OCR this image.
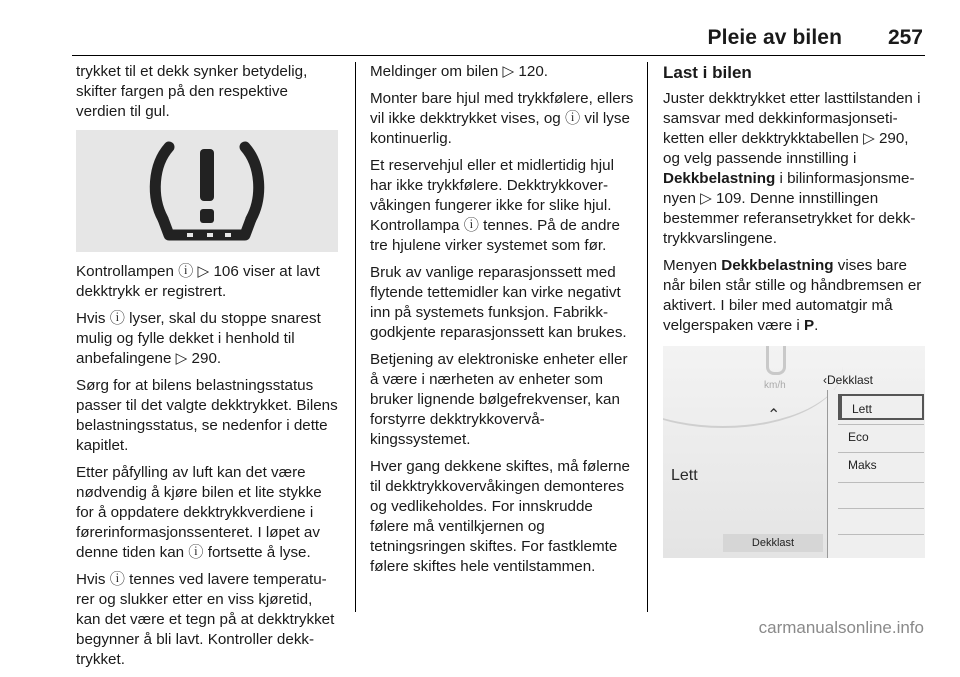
Pleie av bilen 257

trykket til et dekk synker betydelig, skifter fargen på den respektive verdien til gul.

Kontrollampen ⓘ ▷ 106 viser at lavt dekktrykk er registrert.

Hvis ⓘ lyser, skal du stoppe snarest mulig og fylle dekket i henhold til anbefalingene ▷ 290.

Sørg for at bilens belastningsstatus passer til det valgte dekktrykket. Bilens belastningsstatus, se nedenfor i dette kapitlet.

Etter påfylling av luft kan det være nødvendig å kjøre bilen et lite stykke for å oppdatere dekktrykkverdiene i førerinformasjonssenteret. I løpet av denne tiden kan ⓘ fortsette å lyse.

Hvis ⓘ tennes ved lavere temperaturer og slukker etter en viss kjøretid, kan det være et tegn på at dekktrykket begynner å bli lavt. Kontroller dekktrykket.

Meldinger om bilen ▷ 120.

Monter bare hjul med trykkfølere, ellers vil ikke dekktrykket vises, og ⓘ vil lyse kontinuerlig.

Et reservehjul eller et midlertidig hjul har ikke trykkfølere. Dekktrykkovervåkingen fungerer ikke for slike hjul. Kontrollampa ⓘ tennes. På de andre tre hjulene virker systemet som før.

Bruk av vanlige reparasjonssett med flytende tettemidler kan virke negativt inn på systemets funksjon. Fabrikkgodkjente reparasjonssett kan brukes.

Betjening av elektroniske enheter eller å være i nærheten av enheter som bruker lignende bølgefrekvenser, kan forstyrre dekktrykkovervåkingssystemet.

Hver gang dekkene skiftes, må følerne til dekktrykkovervåkingen demonteres og vedlikeholdes. For innskrudde følere må ventilkjernen og tetningsringen skiftes. For fastklemte følere skiftes hele ventilstammen.

Last i bilen

Juster dekktrykket etter lasttilstanden i samsvar med dekkinformasjonsetiketten eller dekktrykktabellen ▷ 290, og velg passende innstilling i Dekkbelastning i bilinformasjonsmenyen ▷ 109. Denne innstillingen bestemmer referansetrykket for dekktrykkvarslingene.

Menyen Dekkbelastning vises bare når bilen står stille og håndbremsen er aktivert. I biler med automatgir må velgerspaken være i P.

km/h
⌃
Lett
‹Dekklast
Lett
Eco
Maks
Dekklast
carmanualsonline.info
